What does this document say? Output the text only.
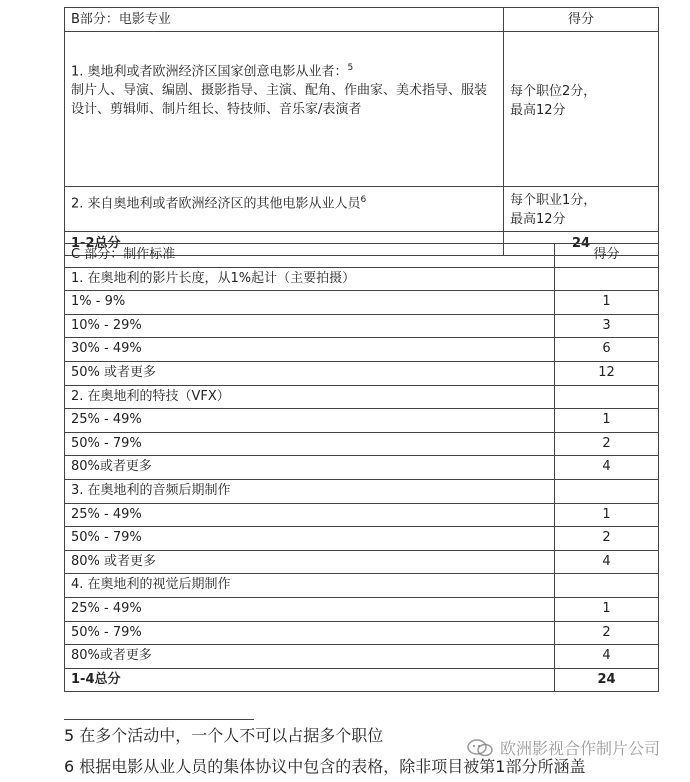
B部分：电影专业	得分
1. 奥地利或者欧洲经济区国家创意电影从业者：$^5$
制片人、导演、编剧、摄影指导、主演、配角、作曲家、美术指导、服装设计、剪辑师、制片组长、特技师、音乐家/表演者	每个职位2分，
最高12分
2. 来自奥地利或者欧洲经济区的其他电影从业人员$^6$	每个职业1分，
最高12分
1-2总分	24
C 部分：制作标准	得分
1. 在奥地利的影片长度，从1%起计（主要拍摄）	
1% - 9%	1
10% - 29%	3
30% - 49%	6
50% 或者更多	12
2. 在奥地利的特技（VFX）	
25% - 49%	1
50% - 79%	2
80%或者更多	4
3. 在奥地利的音频后期制作	
25% - 49%	1
50% - 79%	2
80% 或者更多	4
4. 在奥地利的视觉后期制作	
25% - 49%	1
50% - 79%	2
80%或者更多	4
1-4总分	24
5 在多个活动中，一个人不可以占据多个职位
6 根据电影从业人员的集体协议中包含的表格，除非项目被第1部分所涵盖
欧洲影视合作制片公司
